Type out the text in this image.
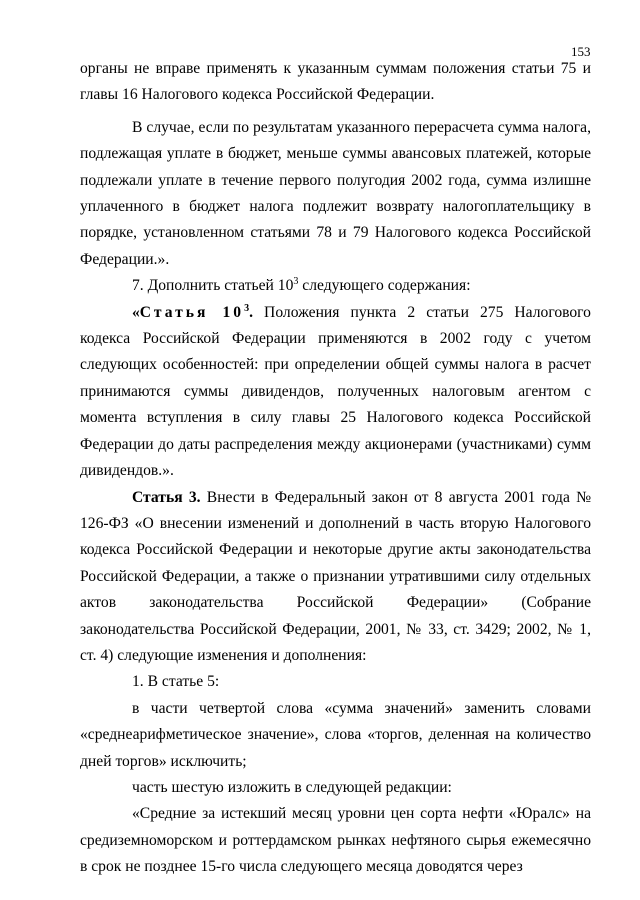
153

органы не вправе применять к указанным суммам положения статьи 75 и
главы 16 Налогового кодекса Российской Федерации.

В случае, если по результатам указанного перерасчета сумма налога, подлежащая уплате в бюджет, меньше суммы авансовых платежей, которые подлежали уплате в течение первого полугодия 2002 года, сумма излишне уплаченного в бюджет налога подлежит возврату налогоплательщику в порядке, установленном статьями 78 и 79 Налогового кодекса Российской Федерации.».

7. Дополнить статьей $10^3$ следующего содержания:

«Статья $10^3$. Положения пункта 2 статьи 275 Налогового кодекса Российской Федерации применяются в 2002 году с учетом следующих особенностей: при определении общей суммы налога в расчет принимаются суммы дивидендов, полученных налоговым агентом с момента вступления в силу главы 25 Налогового кодекса Российской Федерации до даты распределения между акционерами (участниками) сумм дивидендов.».

Статья 3. Внести в Федеральный закон от 8 августа 2001 года № 126-ФЗ «О внесении изменений и дополнений в часть вторую Налогового кодекса Российской Федерации и некоторые другие акты законодательства Российской Федерации, а также о признании утратившими силу отдельных актов законодательства Российской Федерации» (Собрание законодательства Российской Федерации, 2001, № 33, ст. 3429; 2002, № 1, ст. 4) следующие изменения и дополнения:

1. В статье 5:

в части четвертой слова «сумма значений» заменить словами «среднеарифметическое значение», слова «торгов, деленная на количество дней торгов» исключить;

часть шестую изложить в следующей редакции:

«Средние за истекший месяц уровни цен сорта нефти «Юралс» на средиземноморском и роттердамском рынках нефтяного сырья ежемесячно в срок не позднее 15-го числа следующего месяца доводятся через
